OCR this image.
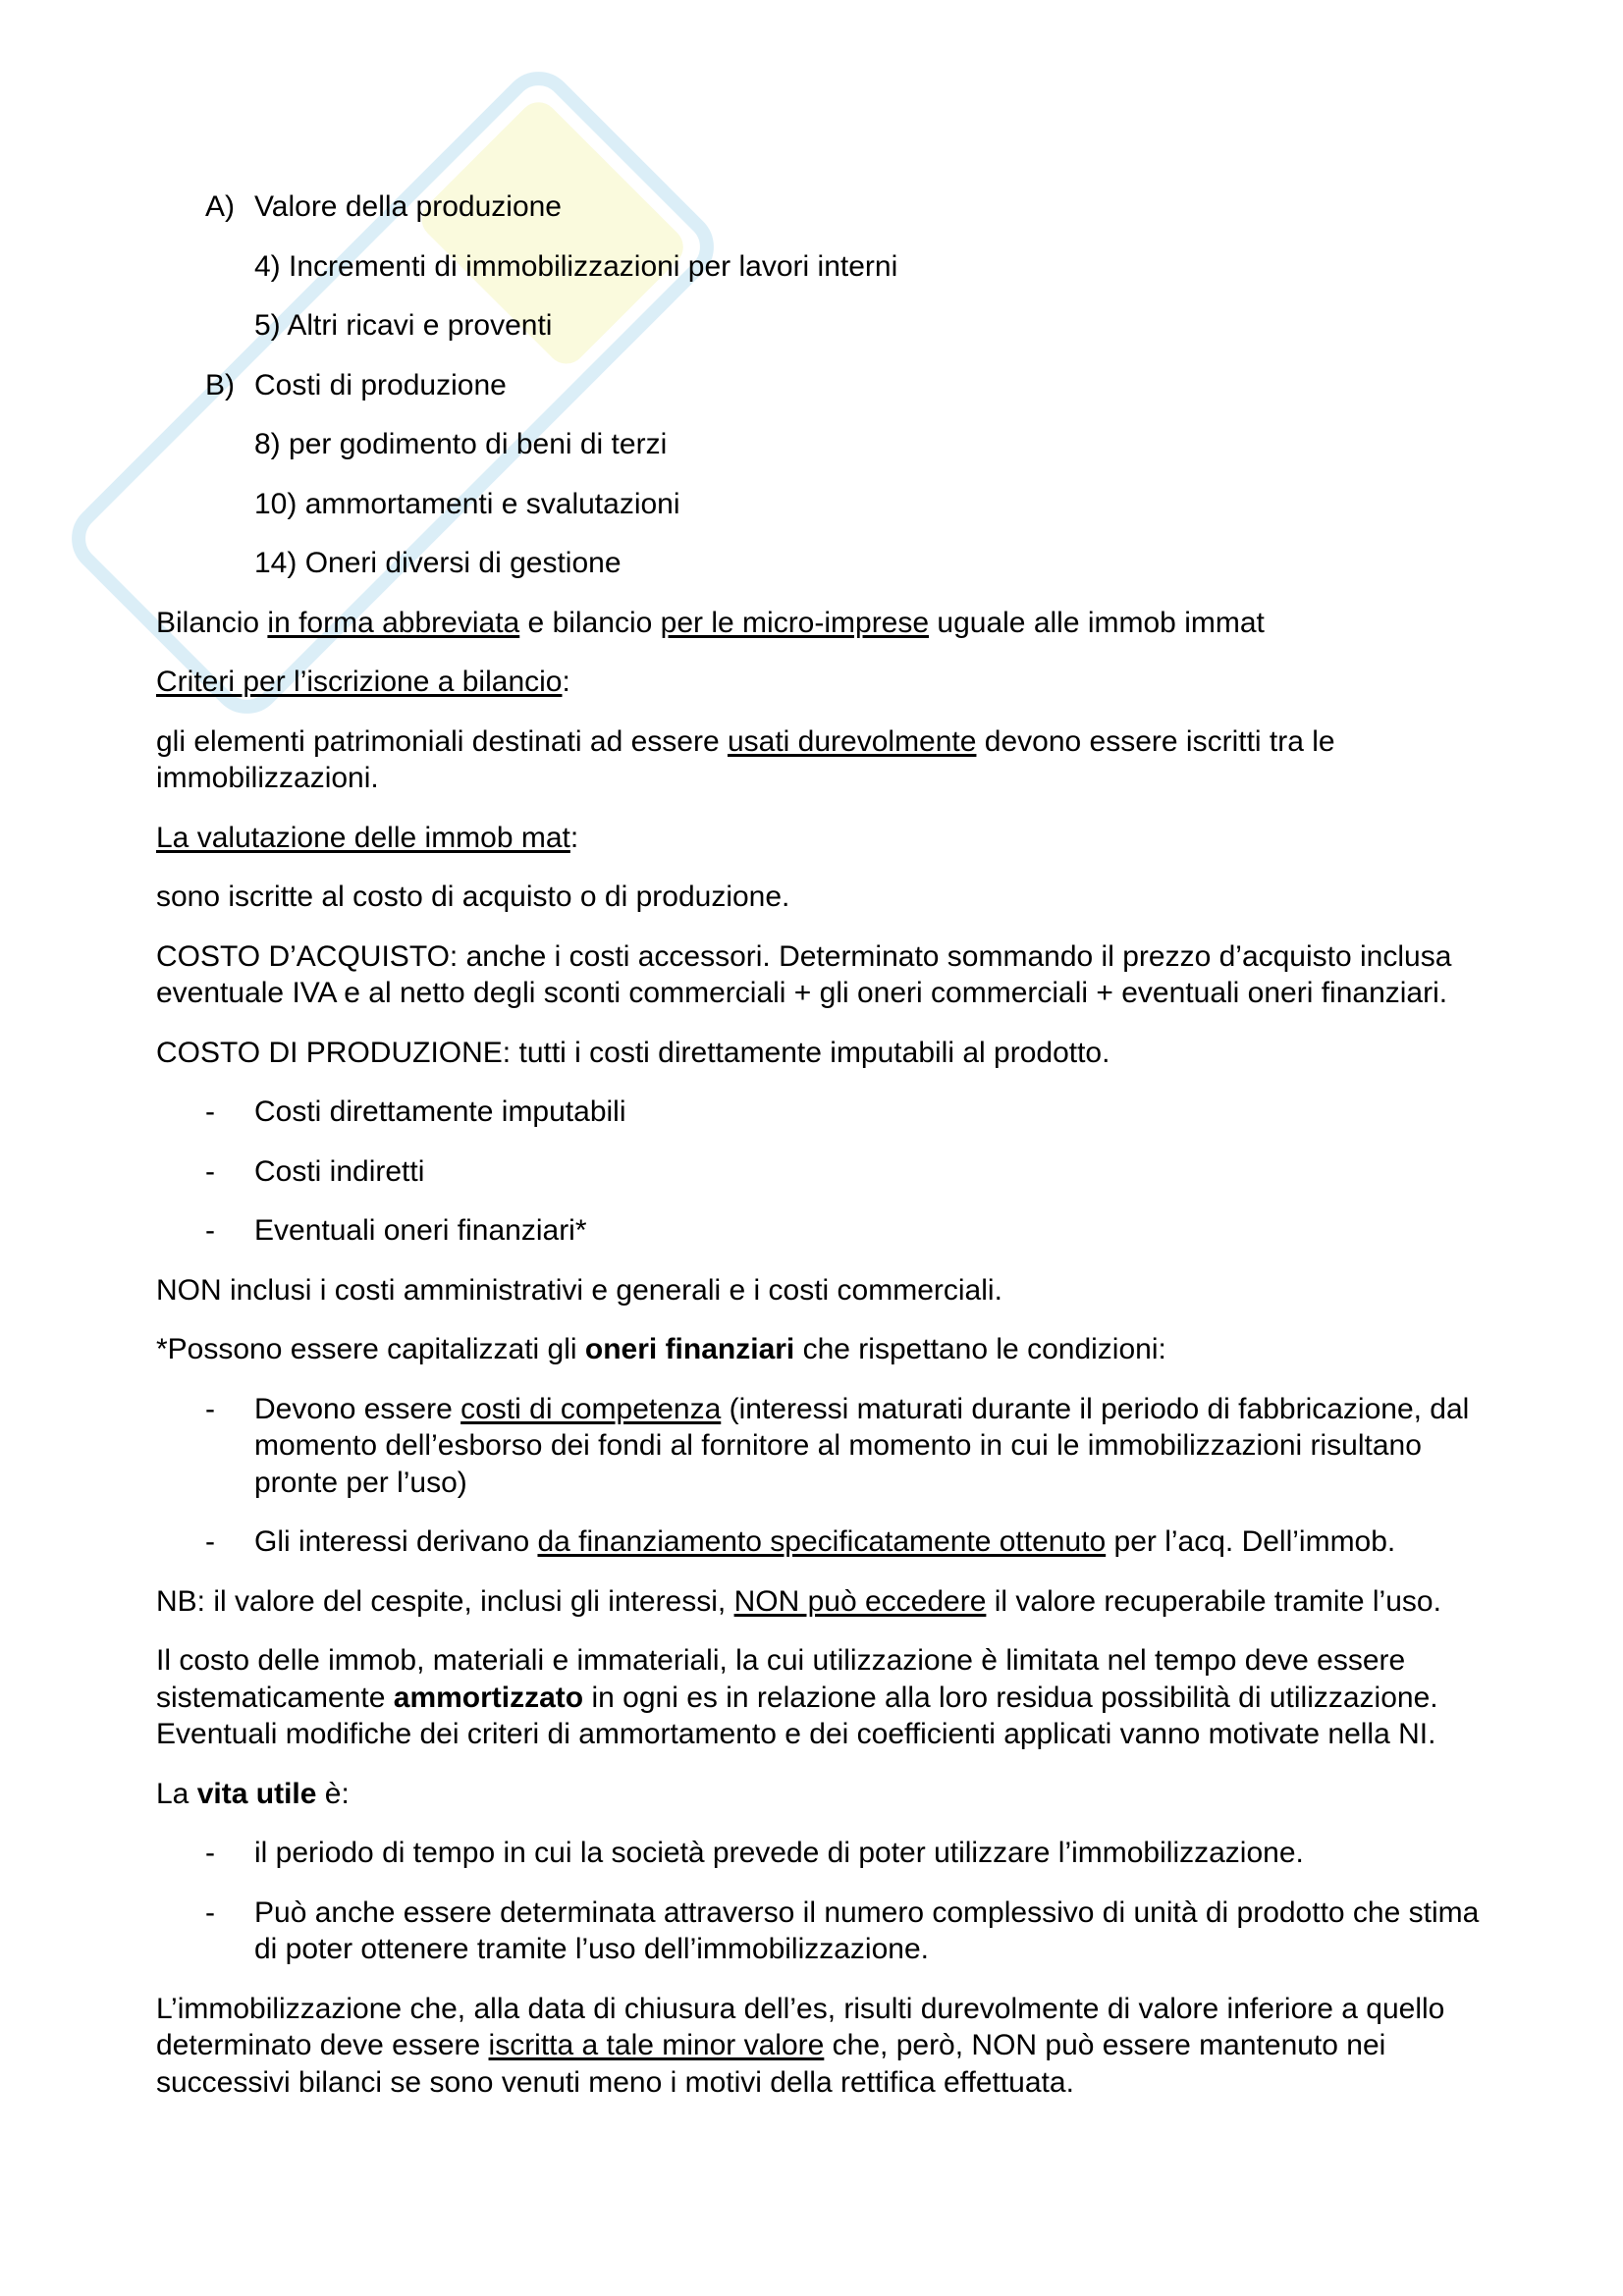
A) Valore della produzione

4) Incrementi di immobilizzazioni per lavori interni

5) Altri ricavi e proventi

B) Costi di produzione

8) per godimento di beni di terzi

10) ammortamenti e svalutazioni

14) Oneri diversi di gestione

Bilancio in forma abbreviata e bilancio per le micro-imprese uguale alle immob immat

Criteri per l’iscrizione a bilancio:

gli elementi patrimoniali destinati ad essere usati durevolmente devono essere iscritti tra le immobilizzazioni.

La valutazione delle immob mat:

sono iscritte al costo di acquisto o di produzione.

COSTO D’ACQUISTO: anche i costi accessori. Determinato sommando il prezzo d’acquisto inclusa eventuale IVA e al netto degli sconti commerciali + gli oneri commerciali + eventuali oneri finanziari.

COSTO DI PRODUZIONE: tutti i costi direttamente imputabili al prodotto.

- Costi direttamente imputabili

- Costi indiretti

- Eventuali oneri finanziari*

NON inclusi i costi amministrativi e generali e i costi commerciali.

*Possono essere capitalizzati gli oneri finanziari che rispettano le condizioni:

- Devono essere costi di competenza (interessi maturati durante il periodo di fabbricazione, dal momento dell’esborso dei fondi al fornitore al momento in cui le immobilizzazioni risultano pronte per l’uso)

- Gli interessi derivano da finanziamento specificatamente ottenuto per l’acq. Dell’immob.

NB: il valore del cespite, inclusi gli interessi, NON può eccedere il valore recuperabile tramite l’uso.

Il costo delle immob, materiali e immateriali, la cui utilizzazione è limitata nel tempo deve essere sistematicamente ammortizzato in ogni es in relazione alla loro residua possibilità di utilizzazione. Eventuali modifiche dei criteri di ammortamento e dei coefficienti applicati vanno motivate nella NI.

La vita utile è:

- il periodo di tempo in cui la società prevede di poter utilizzare l’immobilizzazione.

- Può anche essere determinata attraverso il numero complessivo di unità di prodotto che stima di poter ottenere tramite l’uso dell’immobilizzazione.

L’immobilizzazione che, alla data di chiusura dell’es, risulti durevolmente di valore inferiore a quello determinato deve essere iscritta a tale minor valore che, però, NON può essere mantenuto nei successivi bilanci se sono venuti meno i motivi della rettifica effettuata.
